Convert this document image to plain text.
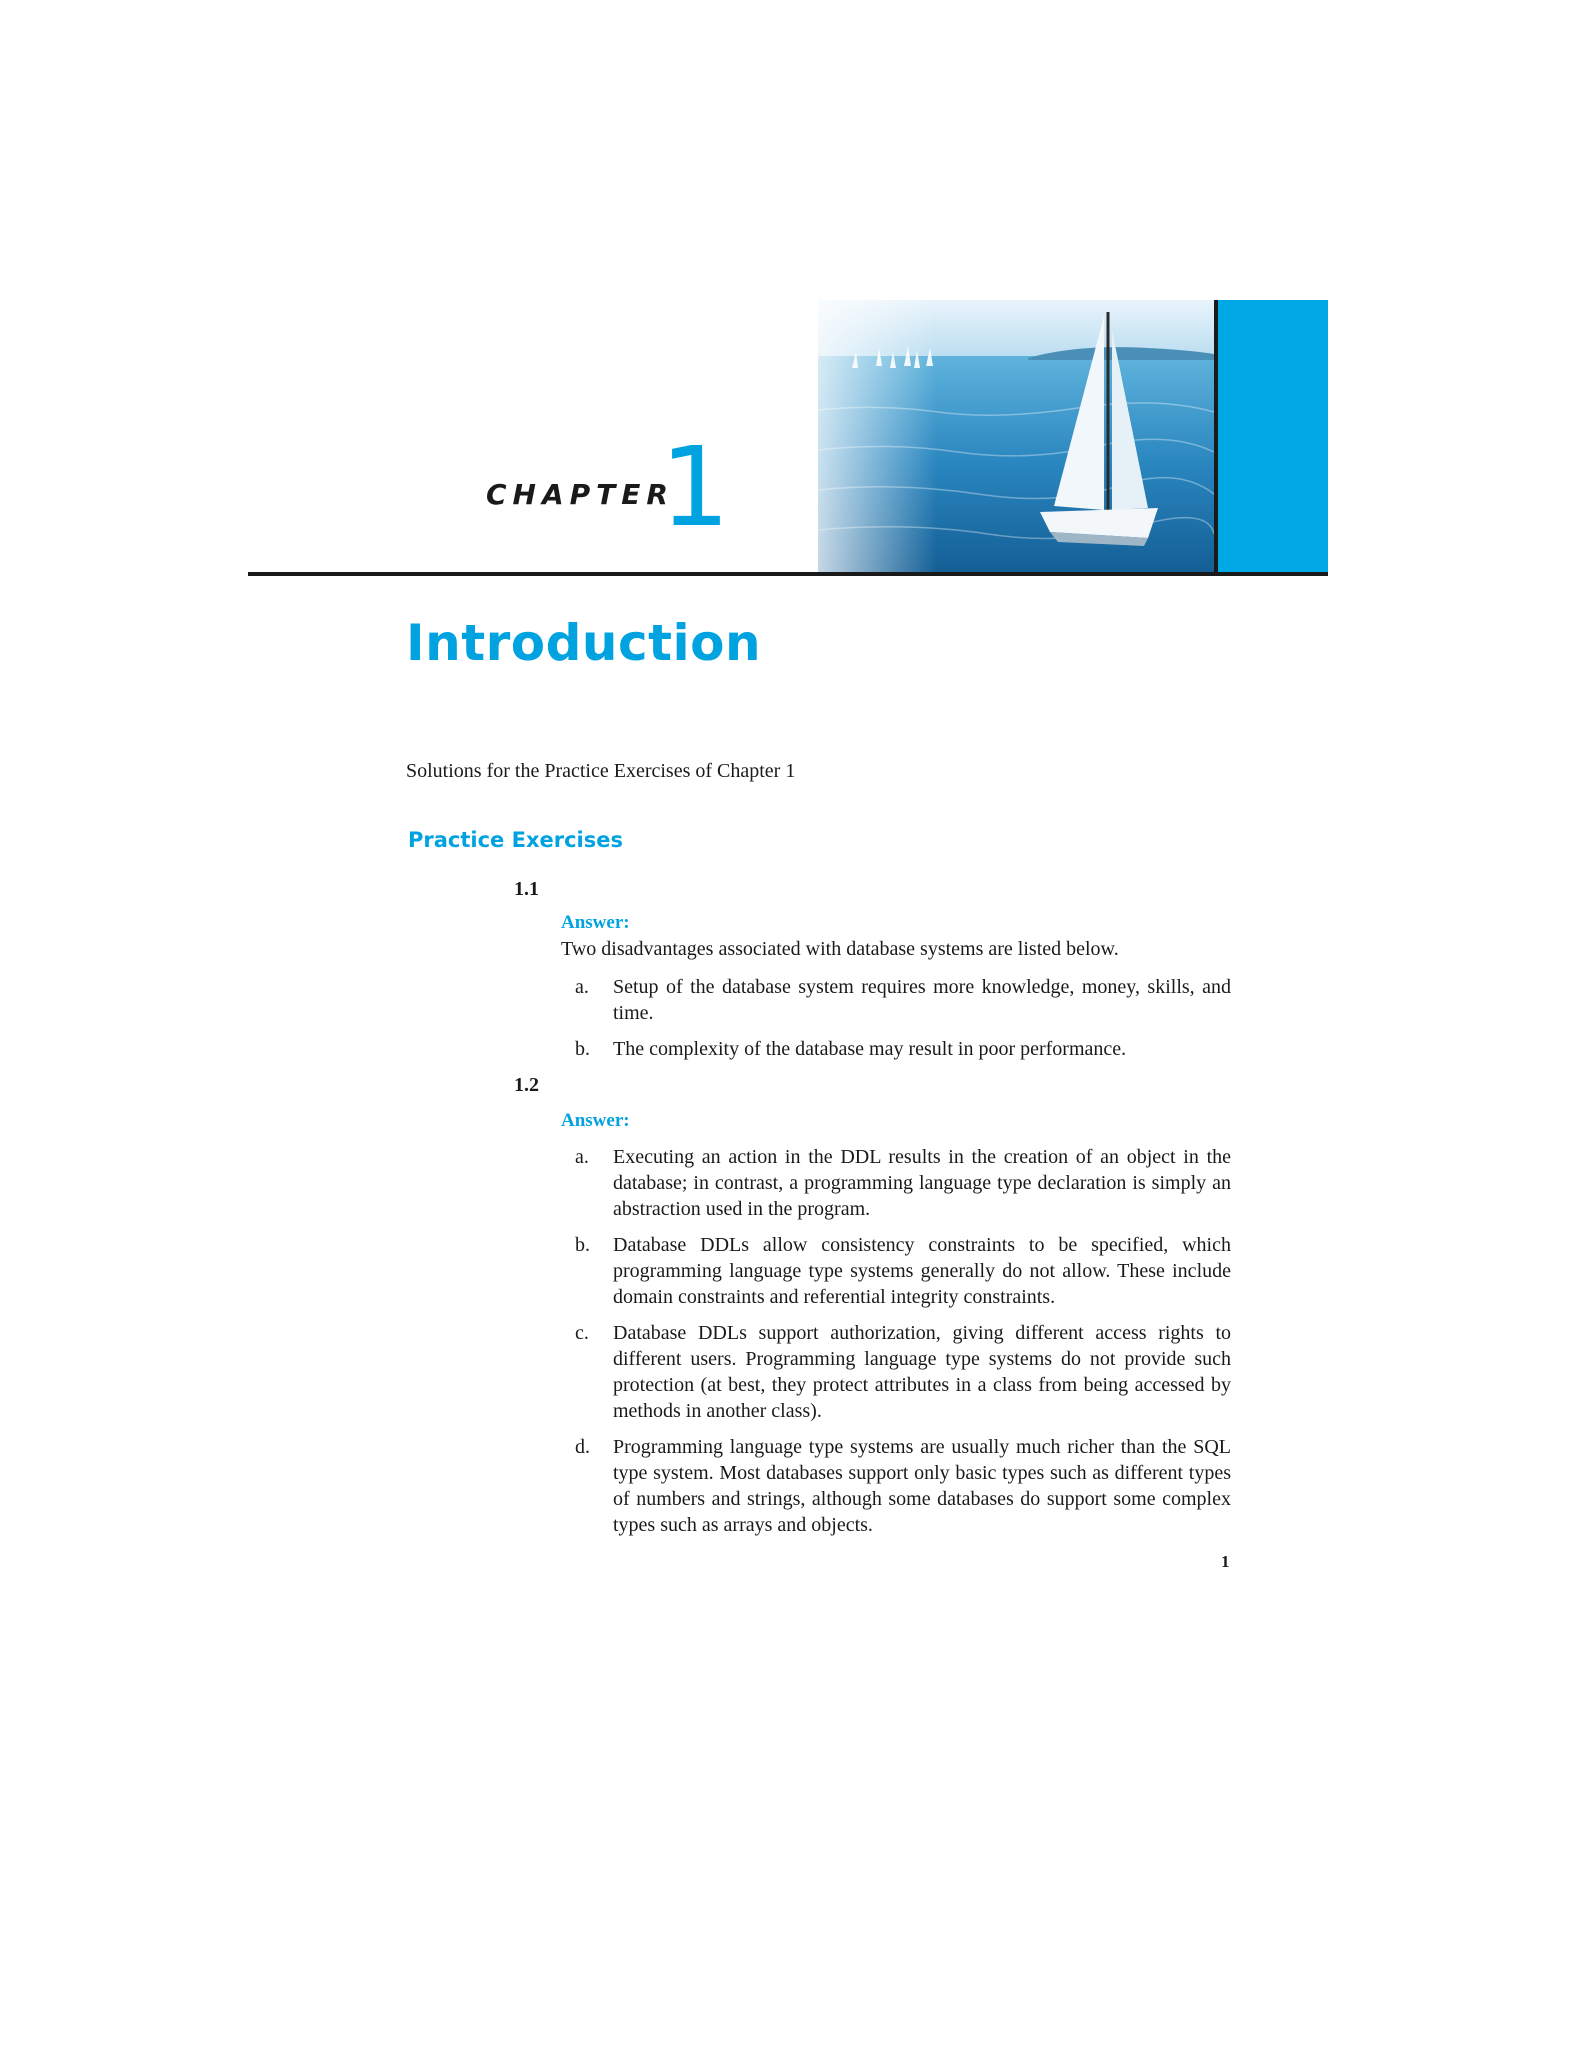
CHAPTER
1
Introduction
Solutions for the Practice Exercises of Chapter 1
Practice Exercises
1.1
Answer:
Two disadvantages associated with database systems are listed below.
a.	Setup of the database system requires more knowledge, money, skills, and time.
b.	The complexity of the database may result in poor performance.
1.2
Answer:
a.	Executing an action in the DDL results in the creation of an object in the database; in contrast, a programming language type declaration is simply an abstraction used in the program.
b.	Database DDLs allow consistency constraints to be specified, which programming language type systems generally do not allow. These include domain constraints and referential integrity constraints.
c.	Database DDLs support authorization, giving different access rights to different users. Programming language type systems do not provide such protection (at best, they protect attributes in a class from being accessed by methods in another class).
d.	Programming language type systems are usually much richer than the SQL type system. Most databases support only basic types such as different types of numbers and strings, although some databases do support some complex types such as arrays and objects.
1
